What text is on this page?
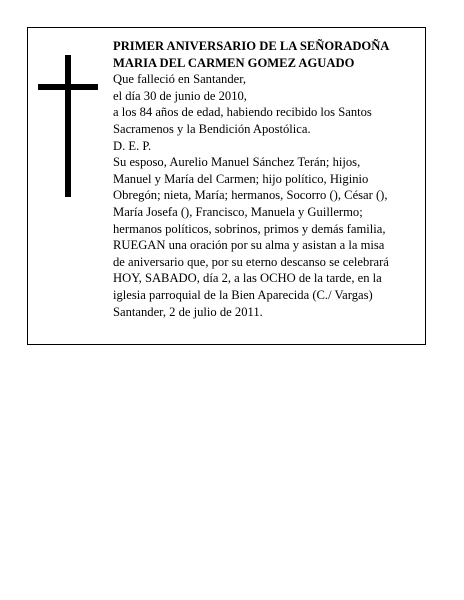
PRIMER ANIVERSARIO DE LA SEÑORADOÑA
MARIA DEL CARMEN GOMEZ AGUADO
Que falleció en Santander,
el día 30 de junio de 2010,
a los 84 años de edad, habiendo recibido los Santos
Sacramenos y la Bendición Apostólica.
D. E. P.
Su esposo, Aurelio Manuel Sánchez Terán; hijos,
Manuel y María del Carmen; hijo político, Higinio
Obregón; nieta, María; hermanos, Socorro (), César (),
María Josefa (), Francisco, Manuela y Guillermo;
hermanos políticos, sobrinos, primos y demás familia,
RUEGAN una oración por su alma y asistan a la misa
de aniversario que, por su eterno descanso se celebrará
HOY, SABADO, día 2, a las OCHO de la tarde, en la
iglesia parroquial de la Bien Aparecida (C./ Vargas)
Santander, 2 de julio de 2011.
